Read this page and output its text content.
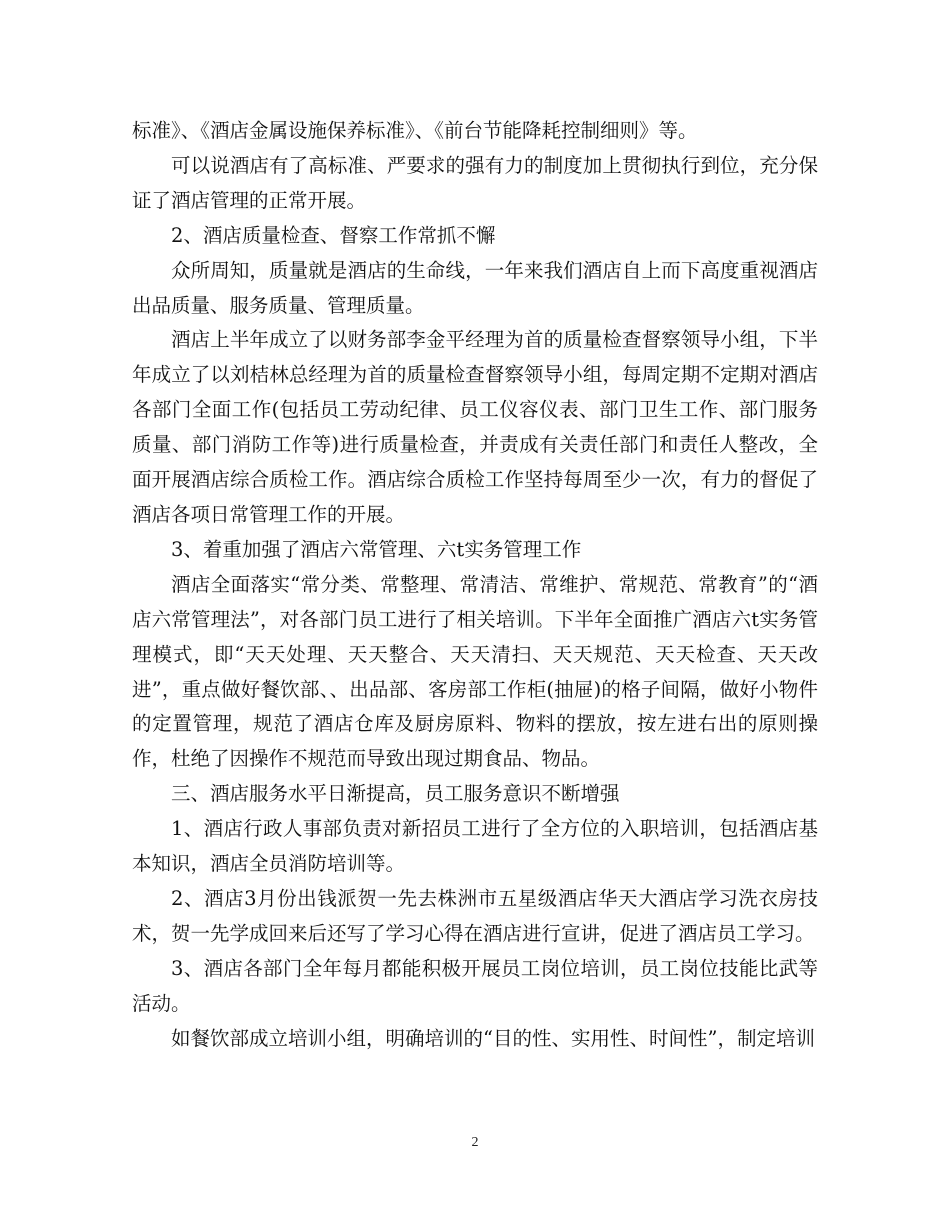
标准》、《酒店金属设施保养标准》、《前台节能降耗控制细则》等。

可以说酒店有了高标准、严要求的强有力的制度加上贯彻执行到位，充分保证了酒店管理的正常开展。

2、酒店质量检查、督察工作常抓不懈

众所周知，质量就是酒店的生命线，一年来我们酒店自上而下高度重视酒店出品质量、服务质量、管理质量。

酒店上半年成立了以财务部李金平经理为首的质量检查督察领导小组，下半年成立了以刘桔林总经理为首的质量检查督察领导小组，每周定期不定期对酒店各部门全面工作(包括员工劳动纪律、员工仪容仪表、部门卫生工作、部门服务质量、部门消防工作等)进行质量检查，并责成有关责任部门和责任人整改，全面开展酒店综合质检工作。酒店综合质检工作坚持每周至少一次，有力的督促了酒店各项日常管理工作的开展。

3、着重加强了酒店六常管理、六t实务管理工作

酒店全面落实“常分类、常整理、常清洁、常维护、常规范、常教育”的“酒店六常管理法”，对各部门员工进行了相关培训。下半年全面推广酒店六t实务管理模式，即“天天处理、天天整合、天天清扫、天天规范、天天检查、天天改进”，重点做好餐饮部、、出品部、客房部工作柜(抽屉)的格子间隔，做好小物件的定置管理，规范了酒店仓库及厨房原料、物料的摆放，按左进右出的原则操作，杜绝了因操作不规范而导致出现过期食品、物品。

三、酒店服务水平日渐提高，员工服务意识不断增强

1、酒店行政人事部负责对新招员工进行了全方位的入职培训，包括酒店基本知识，酒店全员消防培训等。

2、酒店3月份出钱派贺一先去株洲市五星级酒店华天大酒店学习洗衣房技术，贺一先学成回来后还写了学习心得在酒店进行宣讲，促进了酒店员工学习。

3、酒店各部门全年每月都能积极开展员工岗位培训，员工岗位技能比武等活动。

如餐饮部成立培训小组，明确培训的“目的性、实用性、时间性”，制定培训

2
